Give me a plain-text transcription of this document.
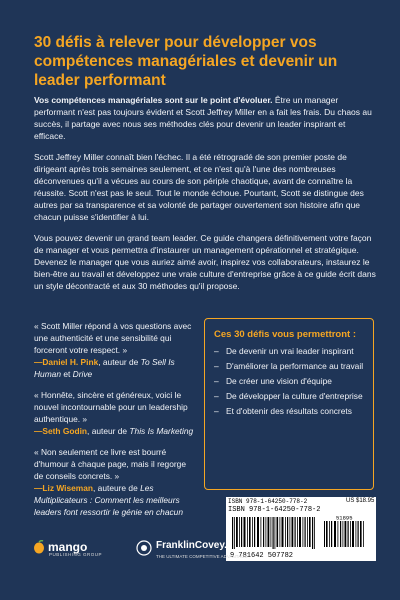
30 défis à relever pour développer vos compétences managériales et devenir un leader performant

Vos compétences managériales sont sur le point d'évoluer. Être un manager performant n'est pas toujours évident et Scott Jeffrey Miller en a fait les frais. Du chaos au succès, il partage avec nous ses méthodes clés pour devenir un leader inspirant et efficace.

Scott Jeffrey Miller connaît bien l'échec. Il a été rétrogradé de son premier poste de dirigeant après trois semaines seulement, et ce n'est qu'à l'une des nombreuses déconvenues qu'il a vécues au cours de son périple chaotique, avant de connaître la réussite. Scott n'est pas le seul. Tout le monde échoue. Pourtant, Scott se distingue des autres par sa transparence et sa volonté de partager ouvertement son histoire afin que chacun puisse s'identifier à lui.

Vous pouvez devenir un grand team leader. Ce guide changera définitivement votre façon de manager et vous permettra d'instaurer un management opérationnel et stratégique. Devenez le manager que vous auriez aimé avoir, inspirez vos collaborateurs, instaurez le bien-être au travail et développez une vraie culture d'entreprise grâce à ce guide écrit dans un style décontracté et aux 30 méthodes qu'il propose.

« Scott Miller répond à vos questions avec une authenticité et une sensibilité qui forceront votre respect. »
—Daniel H. Pink, auteur de To Sell Is Human et Drive
« Honnête, sincère et généreux, voici le nouvel incontournable pour un leadership authentique. »
—Seth Godin, auteur de This Is Marketing
« Non seulement ce livre est bourré d'humour à chaque page, mais il regorge de conseils concrets. »
—Liz Wiseman, auteure de Les Multiplicateurs : Comment les meilleurs leaders font ressortir le génie en chacun
Ces 30 défis vous permettront :
– De devenir un vrai leader inspirant
– D'améliorer la performance au travail
– De créer une vision d'équipe
– De développer la culture d'entreprise
– Et d'obtenir des résultats concrets
ISBN 978-1-64250-778-2	US $18.95
ISBN 978-1-64250-778-2
9 781642 507782
51895
mango
PUBLISHING GROUP
FranklinCovey.
THE ULTIMATE COMPETITIVE ADVANTAGE
